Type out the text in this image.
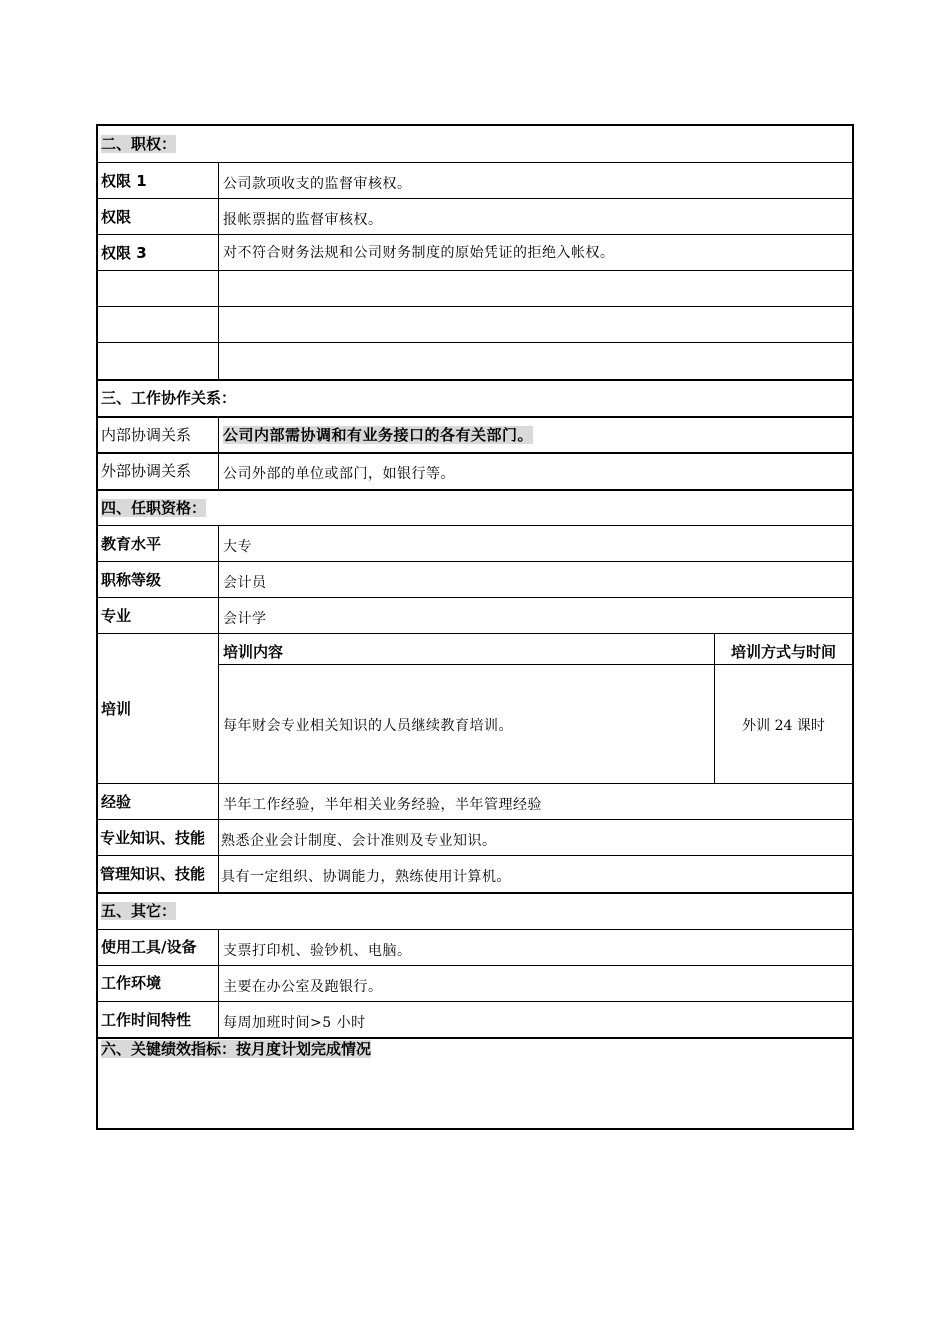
二、职权：
权限 1	公司款项收支的监督审核权。
权限	报帐票据的监督审核权。
权限 3	对不符合财务法规和公司财务制度的原始凭证的拒绝入帐权。
三、工作协作关系：
内部协调关系	公司内部需协调和有业务接口的各有关部门。
外部协调关系	公司外部的单位或部门，如银行等。
四、任职资格：
教育水平	大专
职称等级	会计员
专业	会计学
培训
培训内容	培训方式与时间
每年财会专业相关知识的人员继续教育培训。	外训 24 课时
经验	半年工作经验，半年相关业务经验，半年管理经验
专业知识、技能	熟悉企业会计制度、会计准则及专业知识。
管理知识、技能	具有一定组织、协调能力，熟练使用计算机。
五、其它：
使用工具/设备	支票打印机、验钞机、电脑。
工作环境	主要在办公室及跑银行。
工作时间特性	每周加班时间>5 小时
六、关键绩效指标：按月度计划完成情况
